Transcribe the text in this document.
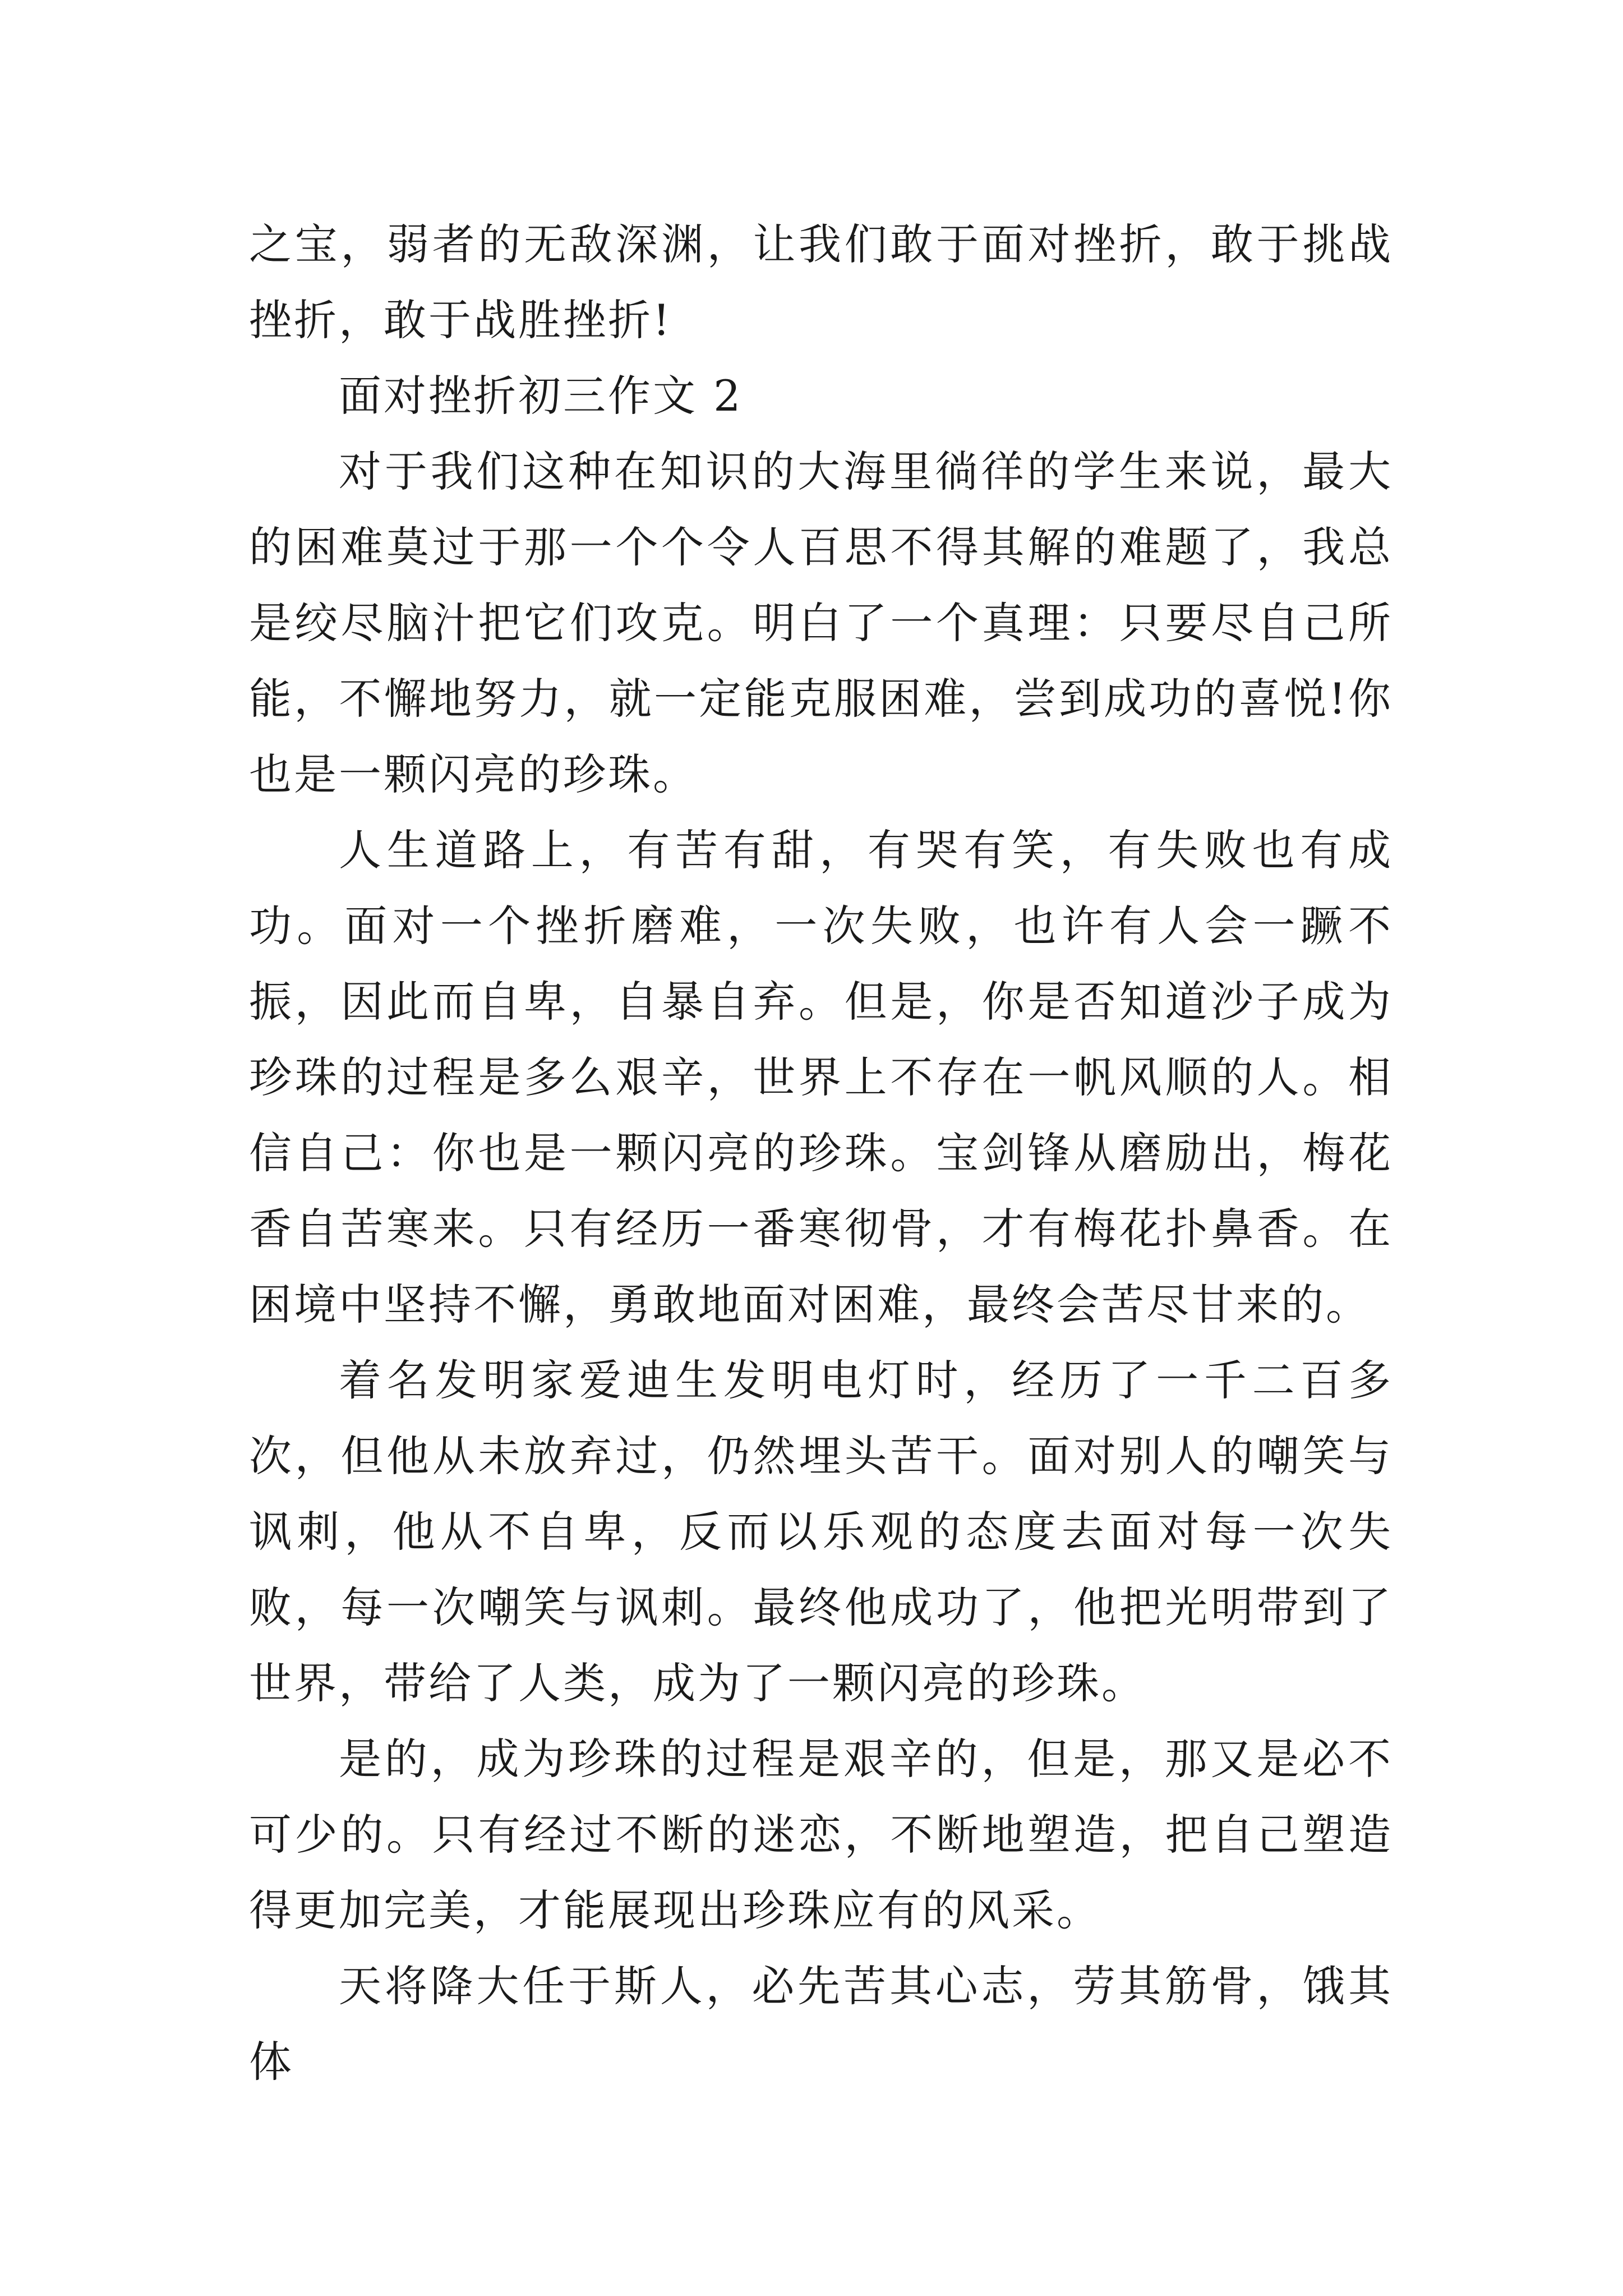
之宝，弱者的无敌深渊，让我们敢于面对挫折，敢于挑战挫折，敢于战胜挫折!

面对挫折初三作文 2

对于我们这种在知识的大海里徜徉的学生来说，最大的困难莫过于那一个个令人百思不得其解的难题了，我总是绞尽脑汁把它们攻克。明白了一个真理：只要尽自己所能，不懈地努力，就一定能克服困难，尝到成功的喜悦!你也是一颗闪亮的珍珠。

人生道路上，有苦有甜，有哭有笑，有失败也有成功。面对一个挫折磨难，一次失败，也许有人会一蹶不振，因此而自卑，自暴自弃。但是，你是否知道沙子成为珍珠的过程是多么艰辛，世界上不存在一帆风顺的人。相信自己：你也是一颗闪亮的珍珠。宝剑锋从磨励出，梅花香自苦寒来。只有经历一番寒彻骨，才有梅花扑鼻香。在困境中坚持不懈，勇敢地面对困难，最终会苦尽甘来的。

着名发明家爱迪生发明电灯时，经历了一千二百多次，但他从未放弃过，仍然埋头苦干。面对别人的嘲笑与讽刺，他从不自卑，反而以乐观的态度去面对每一次失败，每一次嘲笑与讽刺。最终他成功了，他把光明带到了世界，带给了人类，成为了一颗闪亮的珍珠。

是的，成为珍珠的过程是艰辛的，但是，那又是必不可少的。只有经过不断的迷恋，不断地塑造，把自己塑造得更加完美，才能展现出珍珠应有的风采。

天将降大任于斯人，必先苦其心志，劳其筋骨，饿其体
